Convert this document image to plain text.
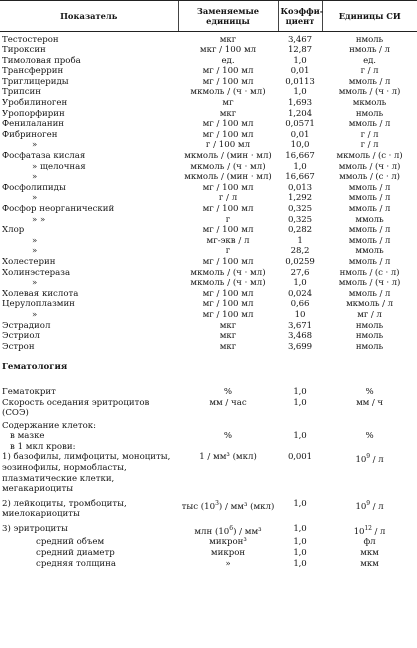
Показатель	Заменяемые единицы	Коэффи-циент	Единицы СИ

Тестостерон	мкг	3,467	нмоль
Тироксин	мкг / 100 мл	12,87	нмоль / л
Тимоловая проба	ед.	1,0	ед.
Трансферрин	мг / 100 мл	0,01	г / л
Триглицериды	мг / 100 мл	0,0113	ммоль / л
Трипсин	мкмоль / (ч · мл)	1,0	ммоль / (ч · л)
Уробилиноген	мг	1,693	мкмоль
Уропорфирин	мкг	1,204	нмоль
Фенилаланин	мг / 100 мл	0,0571	ммоль / л
Фибриноген	мг / 100 мл	0,01	г / л
»	г / 100 мл	10,0	г / л
Фосфатаза кислая	мкмоль / (мин · мл)	16,667	мкмоль / (с · л)
» щелочная	мкмоль / (ч · мл)	1,0	ммоль / (ч · л)
»	мкмоль / (мин · мл)	16,667	ммоль / (с · л)
Фосфолипиды	мг / 100 мл	0,013	ммоль / л
»	г / л	1,292	ммоль / л
Фосфор неорганический	мг / 100 мл	0,325	ммоль / л
» »	г	0,325	ммоль
Хлор	мг / 100 мл	0,282	ммоль / л
»	мг-экв / л	1	ммоль / л
»	г	28,2	ммоль
Холестерин	мг / 100 мл	0,0259	ммоль / л
Холинэстераза	мкмоль / (ч · мл)	27,6	нмоль / (с · л)
»	мкмоль / (ч · мл)	1,0	ммоль / (ч · л)
Холевая кислота	мг / 100 мл	0,024	ммоль / л
Церулоплазмин	мг / 100 мл	0,66	мкмоль / л
»	мг / 100 мл	10	мг / л
Эстрадиол	мкг	3,671	нмоль
Эстриол	мкг	3,468	нмоль
Эстрон	мкг	3,699	нмоль

Гематология			
Гематокрит	%	1,0	%
Скорость оседания эритроцитов (СОЭ)	мм / час	1,0	мм / ч
Содержание клеток:			
в мазке	%	1,0	%
в 1 мкл крови:			
1) базофилы, лимфоциты, моноциты, эозинофилы, нормобласты, плазматические клетки, мегакариоциты	1 / мм³ (мкл)	0,001	$10^9$ / л
2) лейкоциты, тромбоциты, миелокариоциты	тыс $(10^3) / мм^3$ (мкл)	1,0	$10^9$ / л
3) эритроциты	млн $(10^6) / мм^3$	1,0	$10^{12}$ / л
средний объем	микрон³	1,0	фл
средний диаметр	микрон	1,0	мкм
средняя толщина	»	1,0	мкм
